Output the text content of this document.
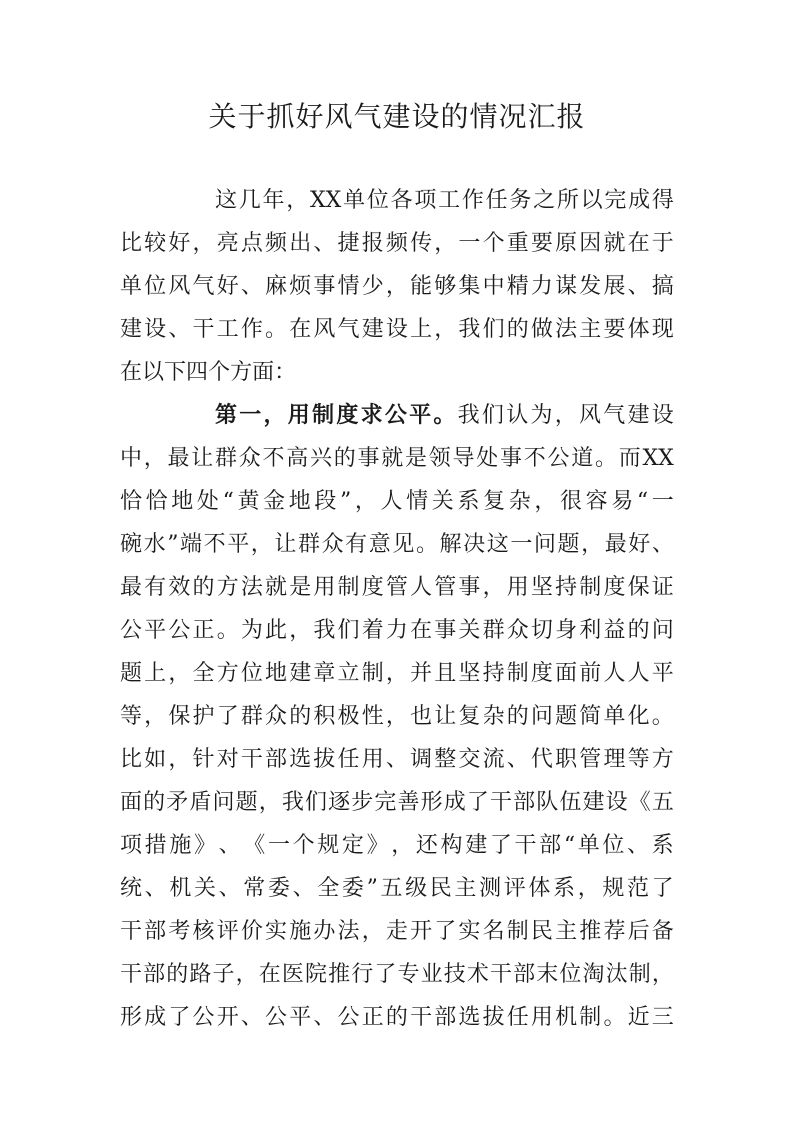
关于抓好风气建设的情况汇报
这 几 年 ， XX 单 位 各 项 工 作 任 务 之 所 以 完 成 得
比 较 好 ， 亮 点 频 出 、 捷 报 频 传 ， 一 个 重 要 原 因 就 在 于
单 位 风 气 好 、 麻 烦 事 情 少 ， 能 够 集 中 精 力 谋 发 展 、 搞
建 设 、 干 工 作 。 在 风 气 建 设 上 ， 我 们 的 做 法 主 要 体 现
在 以 下 四 个 方 面 ：
第 一 ， 用 制 度 求 公 平 。 我 们 认 为 ， 风 气 建 设
中 ， 最 让 群 众 不 高 兴 的 事 就 是 领 导 处 事 不 公 道 。 而 XX
恰 恰 地 处 “ 黄 金 地 段 ” ， 人 情 关 系 复 杂 ， 很 容 易 “ 一
碗 水 ” 端 不 平 ， 让 群 众 有 意 见 。 解 决 这 一 问 题 ， 最 好 、
最 有 效 的 方 法 就 是 用 制 度 管 人 管 事 ， 用 坚 持 制 度 保 证
公 平 公 正 。 为 此 ， 我 们 着 力 在 事 关 群 众 切 身 利 益 的 问
题 上 ， 全 方 位 地 建 章 立 制 ， 并 且 坚 持 制 度 面 前 人 人 平
等 ， 保 护 了 群 众 的 积 极 性 ， 也 让 复 杂 的 问 题 简 单 化 。
比 如 ， 针 对 干 部 选 拔 任 用 、 调 整 交 流 、 代 职 管 理 等 方
面 的 矛 盾 问 题 ， 我 们 逐 步 完 善 形 成 了 干 部 队 伍 建 设 《 五
项 措 施 》 、 《 一 个 规 定 》 ， 还 构 建 了 干 部 “ 单 位 、 系
统 、 机 关 、 常 委 、 全 委 ” 五 级 民 主 测 评 体 系 ， 规 范 了
干 部 考 核 评 价 实 施 办 法 ， 走 开 了 实 名 制 民 主 推 荐 后 备
干 部 的 路 子 ， 在 医 院 推 行 了 专 业 技 术 干 部 末 位 淘 汰 制 ，
形 成 了 公 开 、 公 平 、 公 正 的 干 部 选 拔 任 用 机 制 。 近 三
